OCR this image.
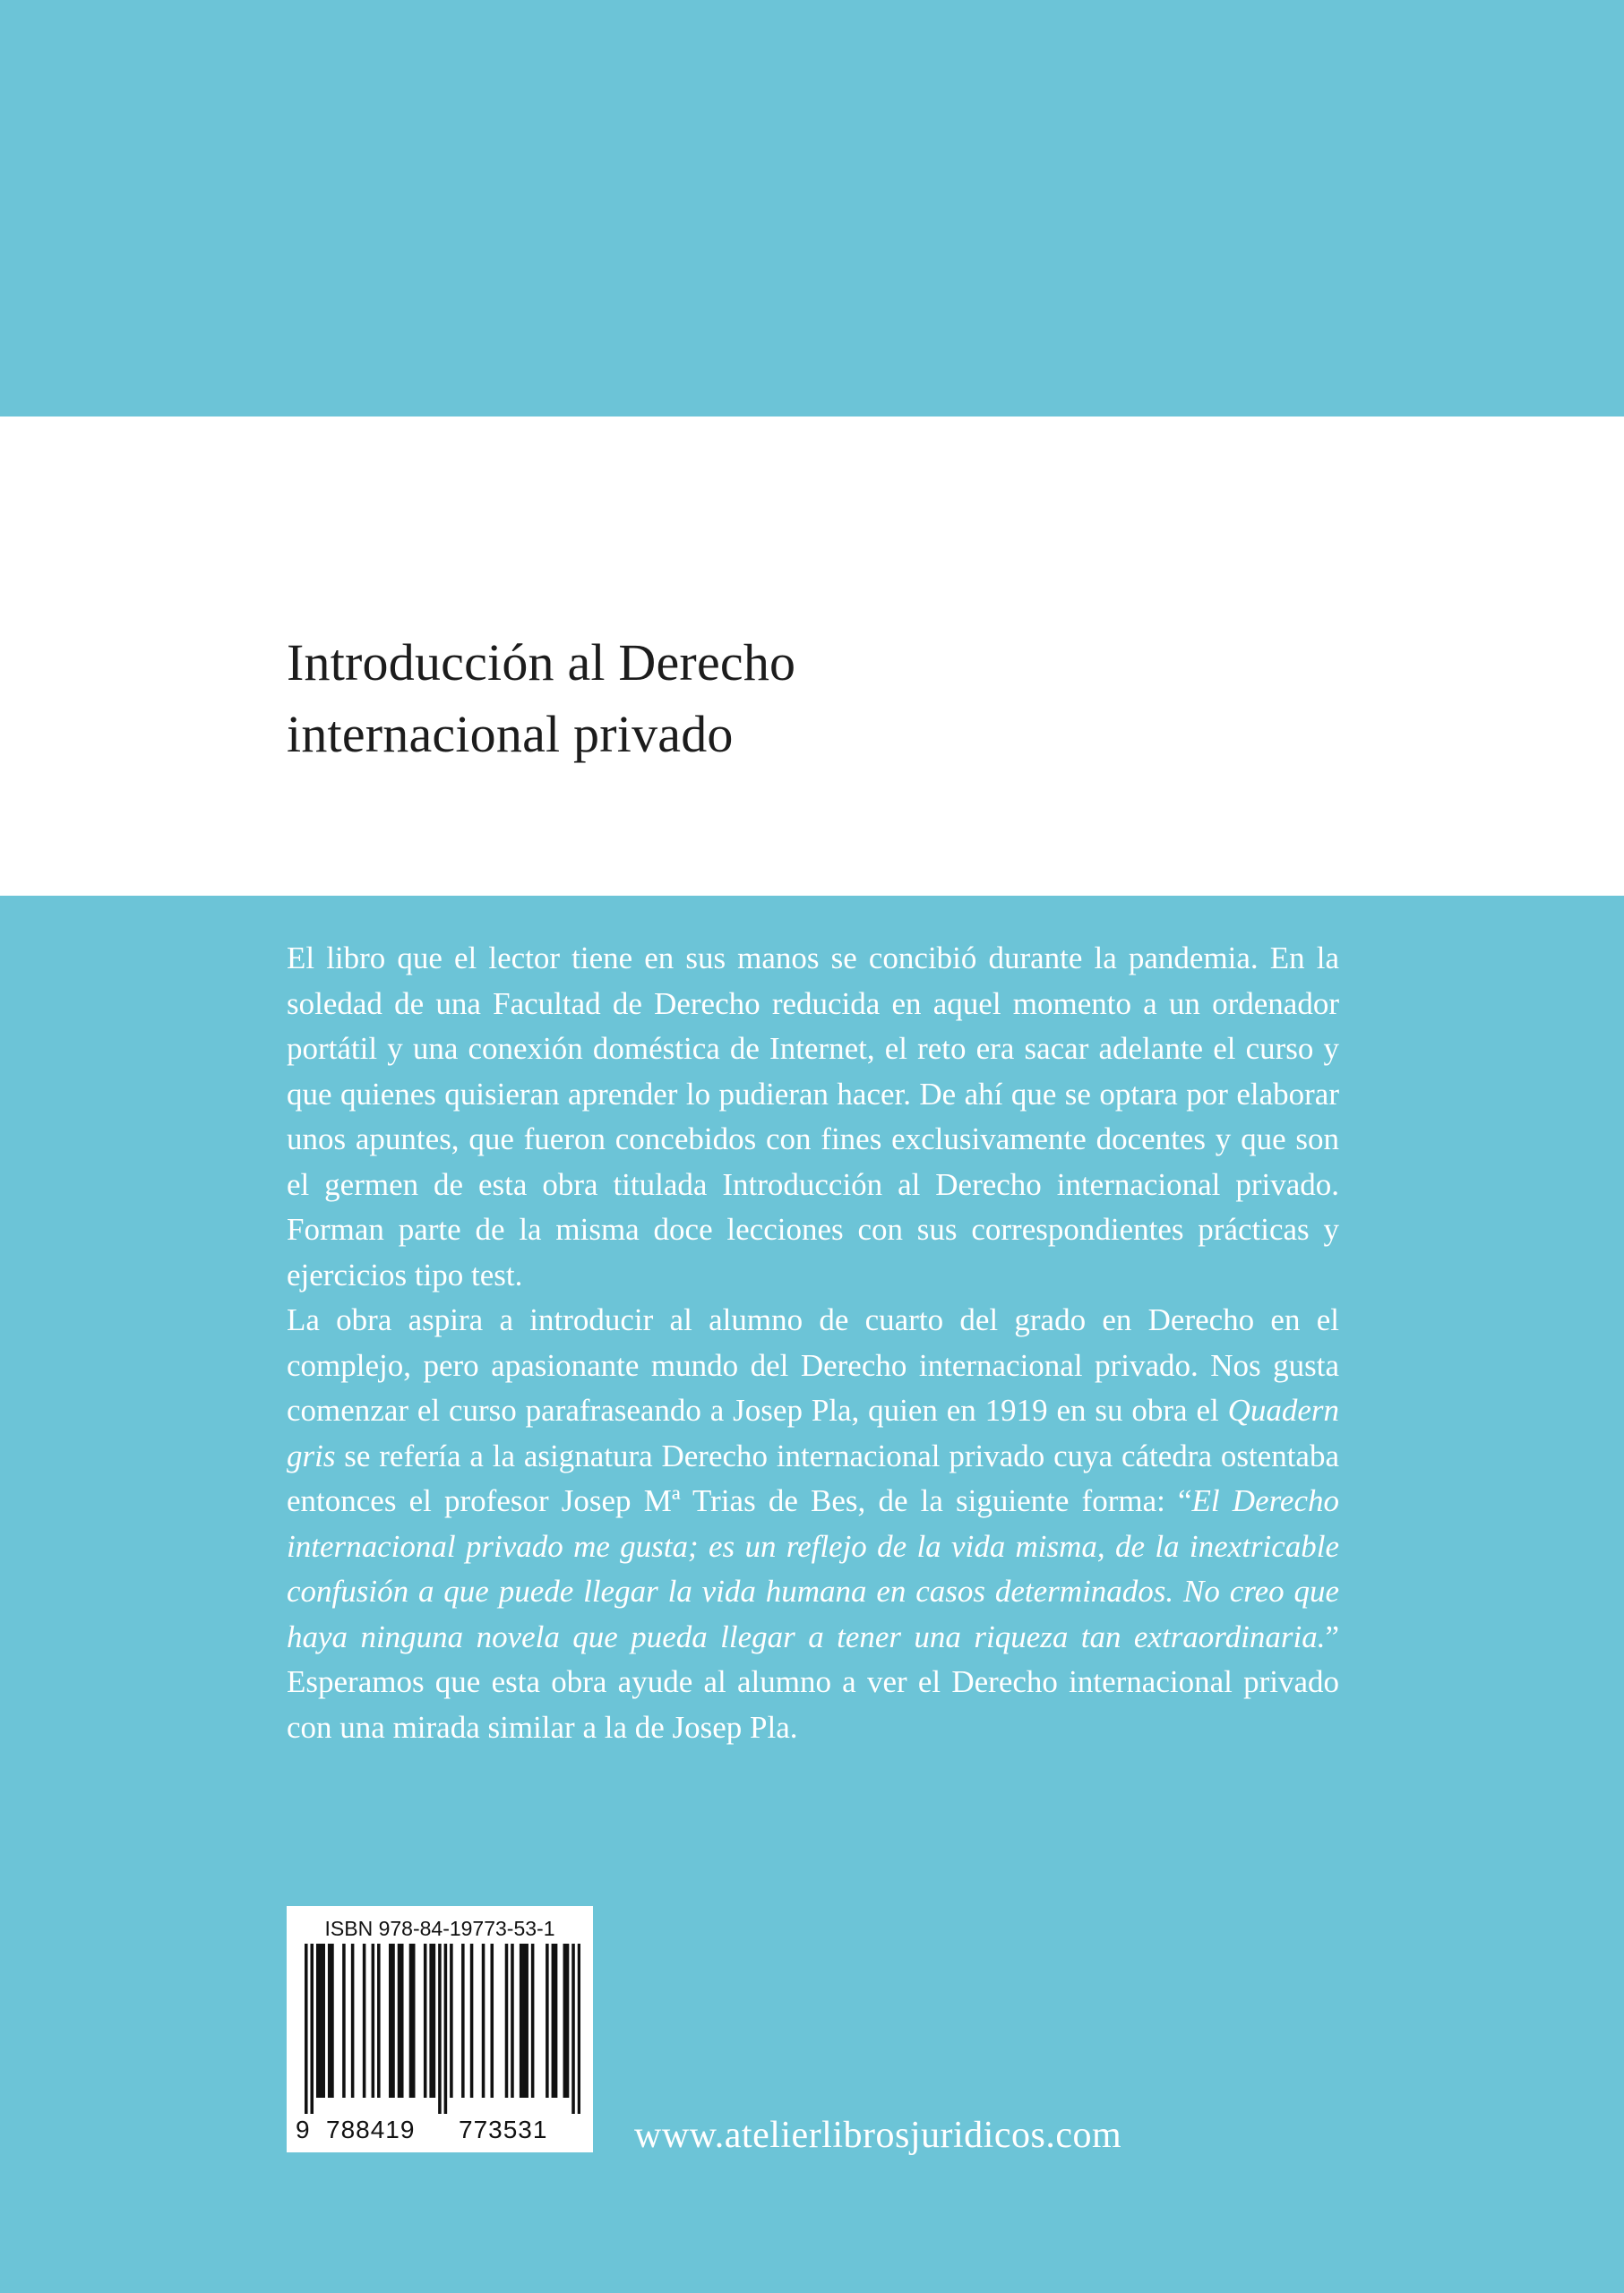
Introducción al Derecho
internacional privado

El libro que el lector tiene en sus manos se concibió durante la pandemia. En la soledad de una Facultad de Derecho reducida en aquel momento a un ordenador portátil y una conexión doméstica de Internet, el reto era sacar adelante el curso y que quienes quisieran aprender lo pudieran hacer. De ahí que se optara por elaborar unos apuntes, que fueron concebidos con fines exclusivamente docentes y que son el germen de esta obra titulada Introducción al Derecho internacional privado. Forman parte de la misma doce lecciones con sus correspondientes prácticas y ejercicios tipo test.

La obra aspira a introducir al alumno de cuarto del grado en Derecho en el complejo, pero apasionante mundo del Derecho internacional privado. Nos gusta comenzar el curso parafraseando a Josep Pla, quien en 1919 en su obra el Quadern gris se refería a la asignatura Derecho internacional privado cuya cátedra ostentaba entonces el profesor Josep Mª Trias de Bes, de la siguiente forma: “El Derecho internacional privado me gusta; es un reflejo de la vida misma, de la inextricable confusión a que puede llegar la vida humana en casos determinados. No creo que haya ninguna novela que pueda llegar a tener una riqueza tan extraordinaria.” Esperamos que esta obra ayude al alumno a ver el Derecho internacional privado con una mirada similar a la de Josep Pla.

ISBN 978-84-19773-53-1
9 788419 773531 www.atelierlibrosjuridicos.com
